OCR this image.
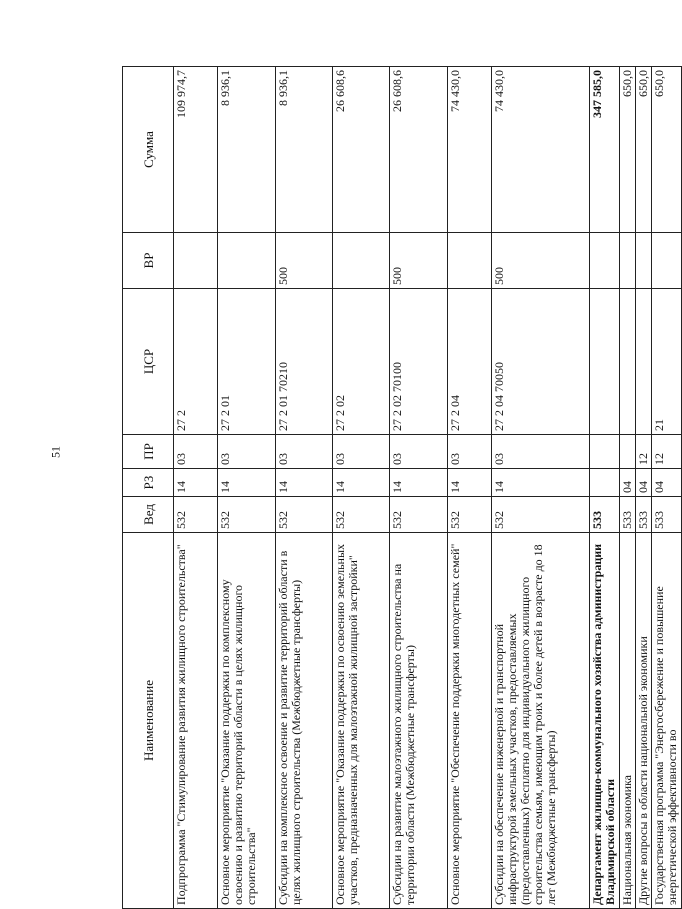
51
Наименование	Вед	РЗ	ПР	ЦСР	ВР	Сумма
Подпрограмма "Стимулирование развития жилищного строительства"	532	14	03	27 2		109 974,7
Основное мероприятие "Оказание поддержки по комплексному освоению и развитию территорий области в целях жилищного строительства"	532	14	03	27 2 01		8 936,1
Субсидии на комплексное освоение и развитие территорий области в целях жилищного строительства (Межбюджетные трансферты)	532	14	03	27 2 01 70210	500	8 936,1
Основное мероприятие "Оказание поддержки по освоению земельных участков, предназначенных для малоэтажной жилищной застройки"	532	14	03	27 2 02		26 608,6
Субсидии на развитие малоэтажного жилищного строительства на территории области (Межбюджетные трансферты)	532	14	03	27 2 02 70100	500	26 608,6
Основное мероприятие "Обеспечение поддержки многодетных семей"	532	14	03	27 2 04		74 430,0
Субсидии на обеспечение инженерной и транспортной инфраструктурой земельных участков, предоставляемых (предоставленных) бесплатно для индивидуального жилищного строительства семьям, имеющим троих и более детей в возрасте до 18 лет (Межбюджетные трансферты)	532	14	03	27 2 04 70050	500	74 430,0
Департамент жилищно-коммунального хозяйства администрации Владимирской области	533					347 585,0
Национальная экономика	533	04				650,0
Другие вопросы в области национальной экономики	533	04	12			650,0
Государственная программа "Энергосбережение и повышение энергетической эффективности во	533	04	12	21		650,0
